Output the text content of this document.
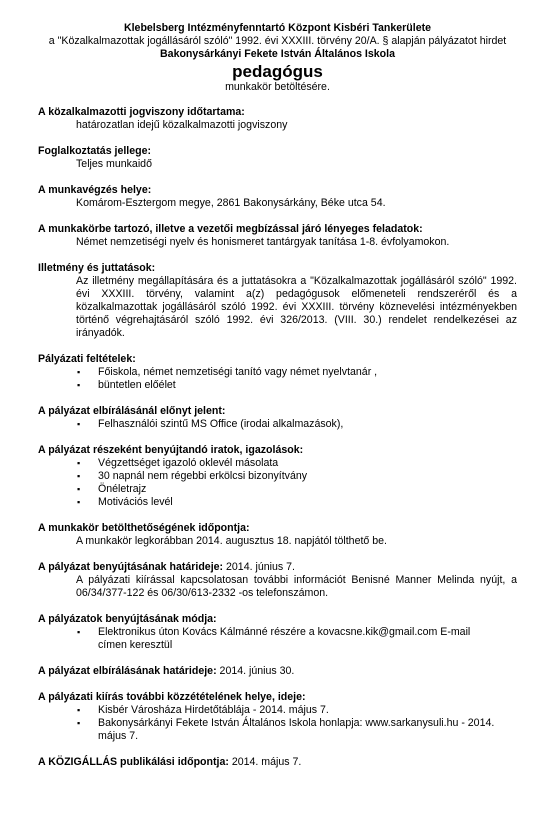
Klebelsberg Intézményfenntartó Központ Kisbéri Tankerülete
a "Közalkalmazottak jogállásáról szóló" 1992. évi XXXIII. törvény 20/A. § alapján pályázatot hirdet
Bakonysárkányi Fekete István Általános Iskola
pedagógus
munkakör betöltésére.
A közalkalmazotti jogviszony időtartama:
határozatlan idejű közalkalmazotti jogviszony
Foglalkoztatás jellege:
Teljes munkaidő
A munkavégzés helye:
Komárom-Esztergom megye, 2861 Bakonysárkány, Béke utca 54.
A munkakörbe tartozó, illetve a vezetői megbízással járó lényeges feladatok:
Német nemzetiségi nyelv és honismeret tantárgyak tanítása 1-8. évfolyamokon.
Illetmény és juttatások:
Az illetmény megállapítására és a juttatásokra a "Közalkalmazottak jogállásáról szóló" 1992. évi XXXIII. törvény, valamint a(z) pedagógusok előmeneteli rendszeréről és a közalkalmazottak jogállásáról szóló 1992. évi XXXIII. törvény köznevelési intézményekben történő végrehajtásáról szóló 1992. évi 326/2013. (VIII. 30.) rendelet rendelkezései az irányadók.
Pályázati feltételek:
▪ Főiskola, német nemzetiségi tanító vagy német nyelvtanár ,
▪ büntetlen előélet
A pályázat elbírálásánál előnyt jelent:
▪ Felhasználói szintű MS Office (irodai alkalmazások),
A pályázat részeként benyújtandó iratok, igazolások:
▪ Végzettséget igazoló oklevél másolata
▪ 30 napnál nem régebbi erkölcsi bizonyítvány
▪ Önéletrajz
▪ Motivációs levél
A munkakör betölthetőségének időpontja:
A munkakör legkorábban 2014. augusztus 18. napjától tölthető be.
A pályázat benyújtásának határideje: 2014. június 7.
A pályázati kiírással kapcsolatosan további információt Benisné Manner Melinda nyújt, a 06/34/377-122 és 06/30/613-2332 -os telefonszámon.
A pályázatok benyújtásának módja:
▪ Elektronikus úton Kovács Kálmánné részére a kovacsne.kik@gmail.com E-mail címen keresztül
A pályázat elbírálásának határideje: 2014. június 30.
A pályázati kiírás további közzétételének helye, ideje:
▪ Kisbér Városháza Hirdetőtáblája - 2014. május 7.
▪ Bakonysárkányi Fekete István Általános Iskola honlapja: www.sarkanysuli.hu - 2014. május 7.
A KÖZIGÁLLÁS publikálási időpontja: 2014. május 7.
